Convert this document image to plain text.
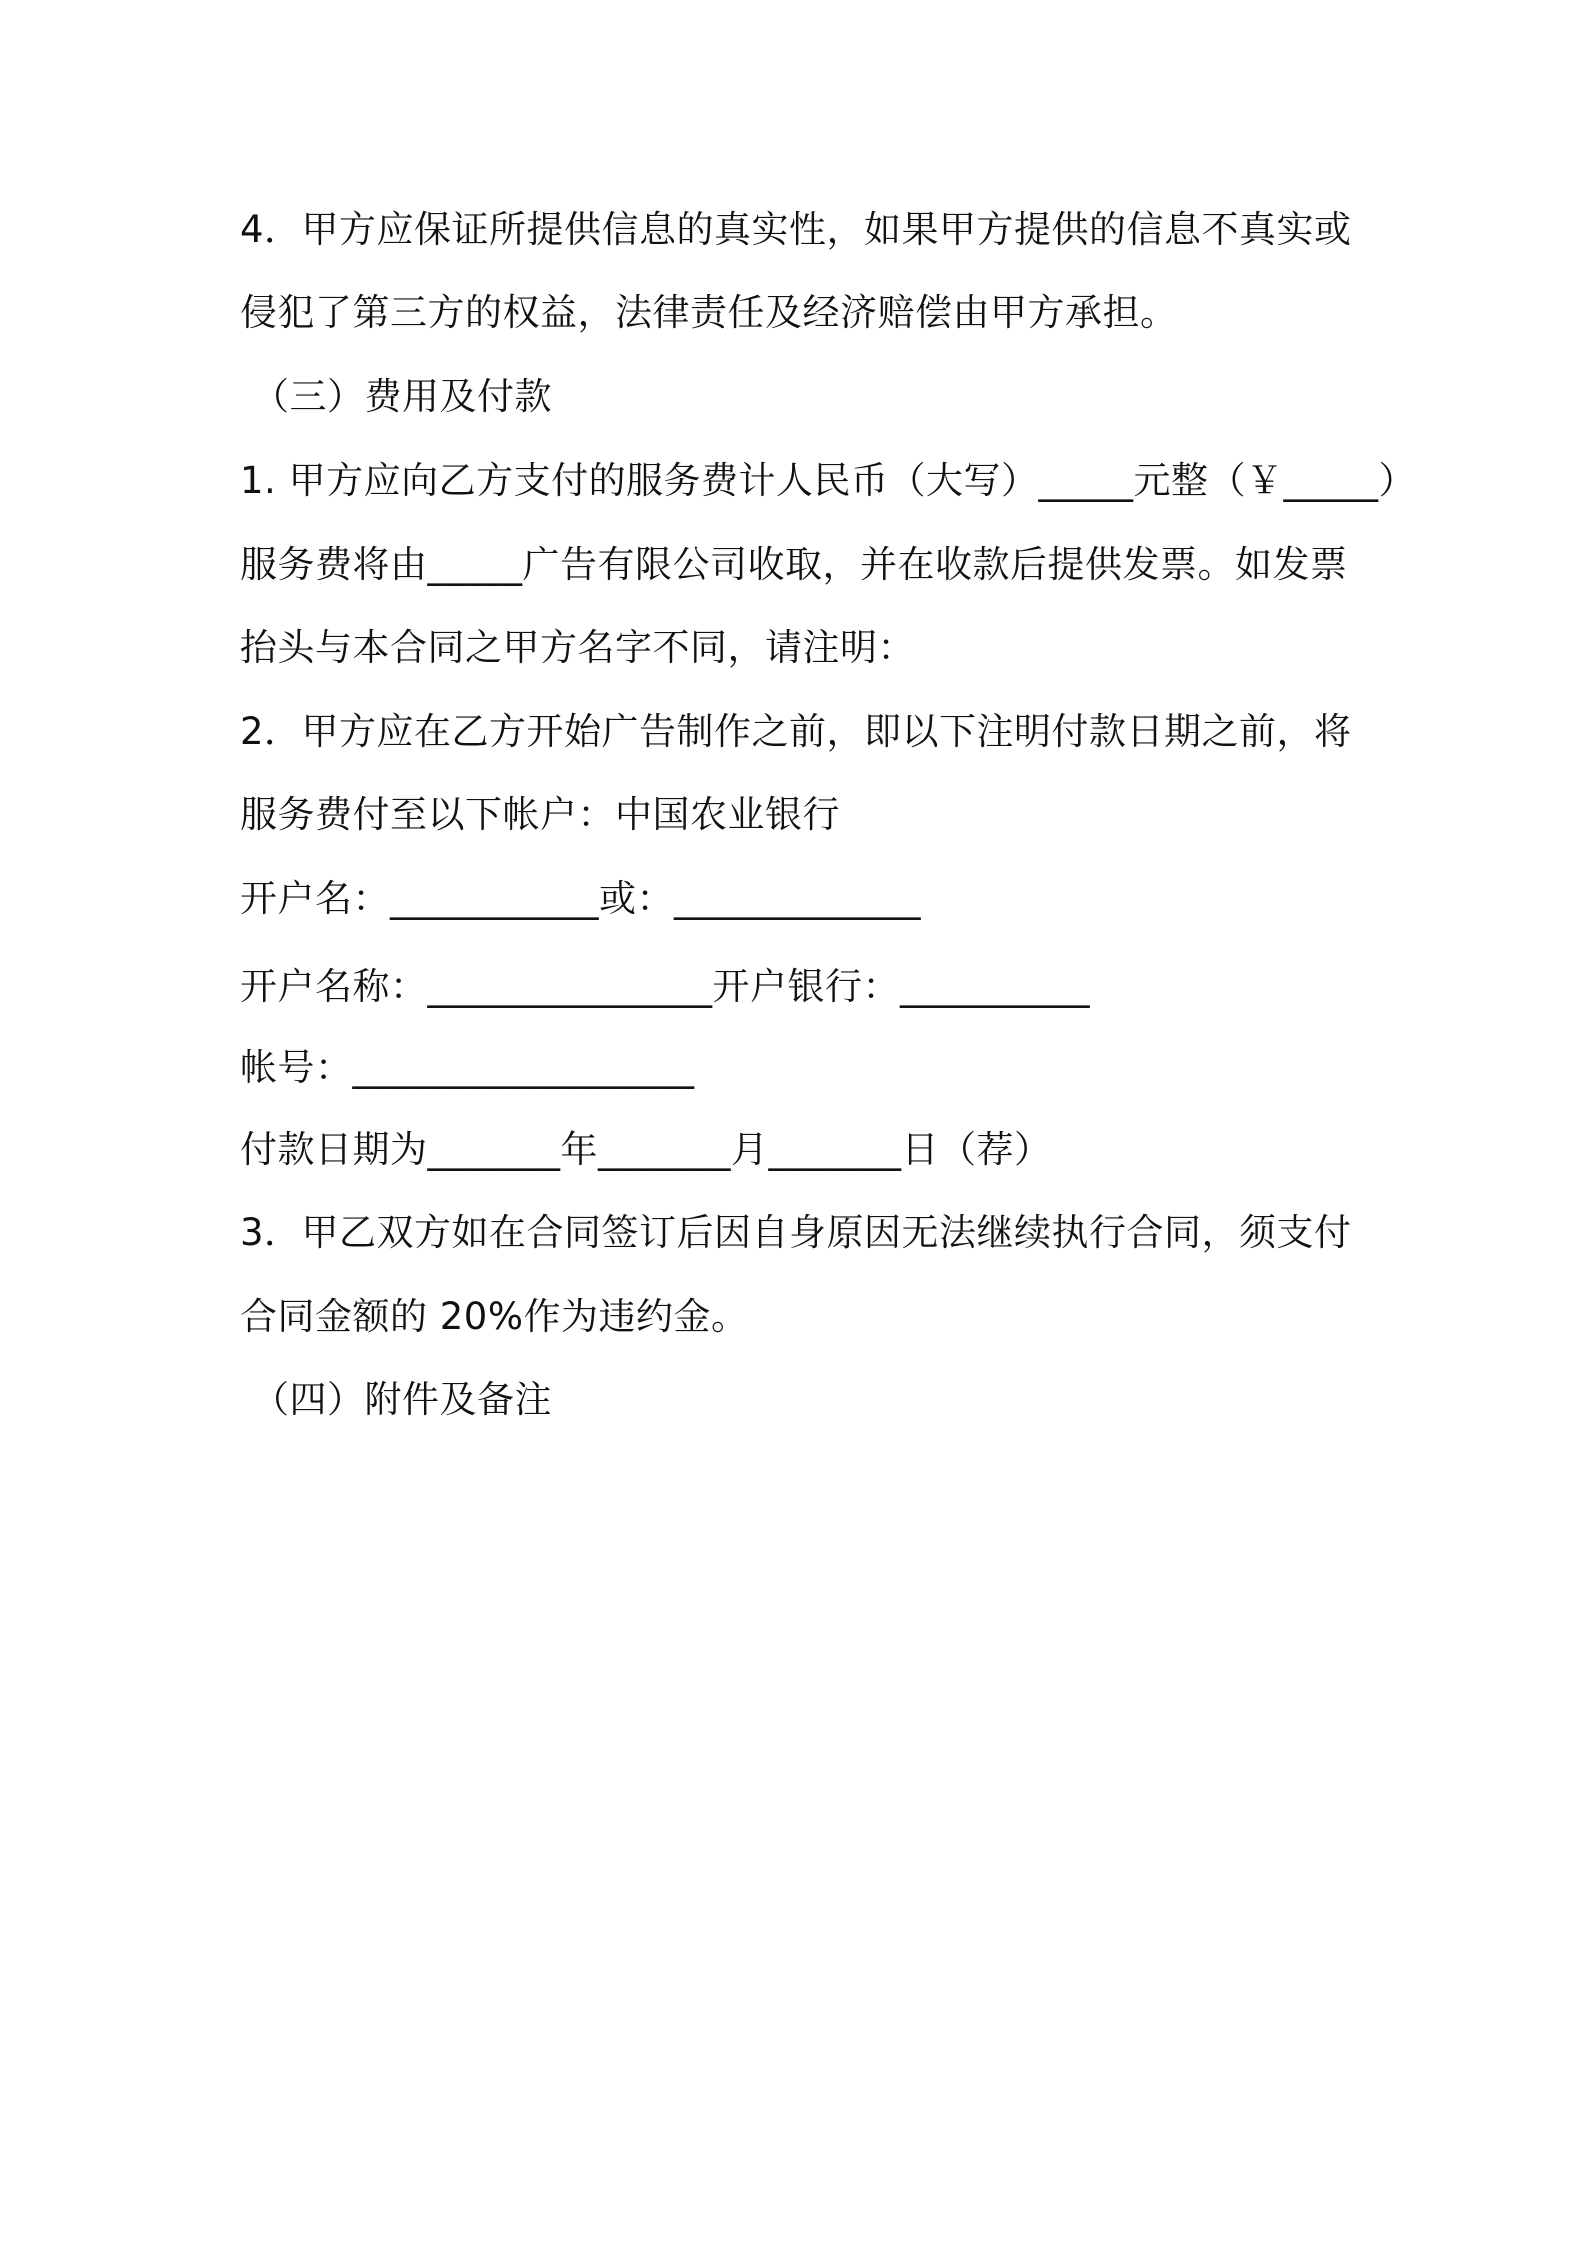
4．甲方应保证所提供信息的真实性，如果甲方提供的信息不真实或

侵犯了第三方的权益，法律责任及经济赔偿由甲方承担。

（三）费用及付款

1. 甲方应向乙方支付的服务费计人民币（大写）_____元整（￥_____）

服务费将由_____广告有限公司收取，并在收款后提供发票。如发票

抬头与本合同之甲方名字不同，请注明：

2．甲方应在乙方开始广告制作之前，即以下注明付款日期之前，将

服务费付至以下帐户：中国农业银行

开户名：___________或：_____________

开户名称：_______________开户银行：__________

帐号：__________________

付款日期为_______年_______月_______日（荐）

3．甲乙双方如在合同签订后因自身原因无法继续执行合同，须支付

合同金额的 20%作为违约金。

（四）附件及备注
